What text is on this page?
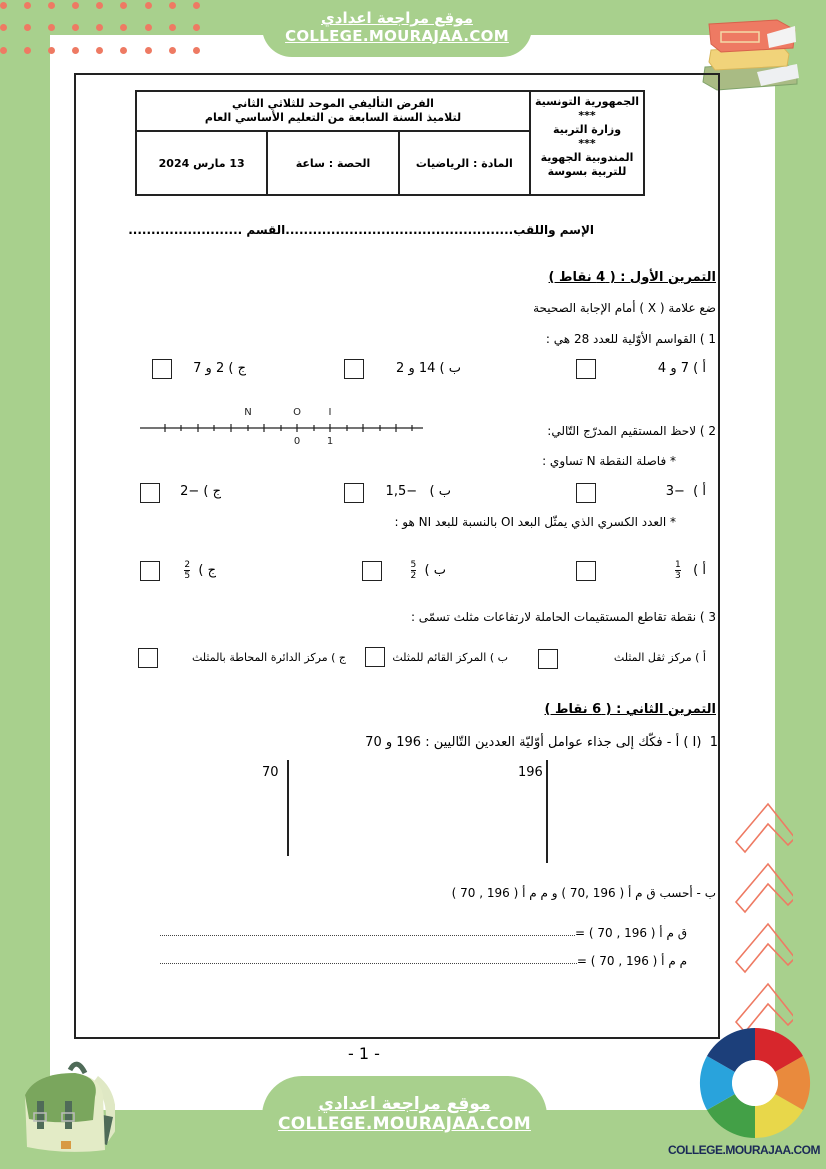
موقع مراجعة اعدادي
COLLEGE.MOURAJAA.COM
الجمهورية التونسية
***
وزارة التربية
***
المندوبية الجهوية
للتربية بسوسة
الفرض التأليفي الموحد للثلاثي الثاني
لتلاميذ السنة السابعة من التعليم الأساسي العام
المادة : الرياضيات
الحصة : ساعة
13 مارس 2024
الإسم واللقب..................................................القسم .........................
التمرين الأول : ( 4 نقاط )
ضع علامة ( X ) أمام الإجابة الصحيحة
1 ) القواسم الأوّلية للعدد 28 هي :
أ ) 7 و 4
ب ) 14 و 2
ج ) 2 و 7
2 ) لاحظ المستقيم المدرّج التّالي:
N	O	I
0	1
* فاصلة النقطة N تساوي :
أ )  −3
ب )   −1,5
ج ) −2
* العدد الكسري الذي يمثّل البعد OI بالنسبة للبعد NI هو :
أ )
$\frac{1}{3}$
ب )
$\frac{5}{2}$
ج )
$\frac{2}{5}$
3 ) نقطة تقاطع المستقيمات الحاملة لارتفاعات مثلث تسمّى :
أ ) مركز ثقل المثلث
ب ) المركز القائم للمثلث
ج ) مركز الدائرة المحاطة بالمثلث
التمرين الثاني : ( 6 نقاط )
I)  1 ) أ - فكّك إلى جذاء عوامل أوّليّة العددين التّاليين : 196 و 70
70	196
ب - أحسب ق م أ ( 196 ,70 ) و م م أ ( 196 , 70 )
ق م أ ( 196 , 70 ) =
م م أ ( 196 , 70 ) =
- 1 -
موقع مراجعة اعدادي
COLLEGE.MOURAJAA.COM
COLLEGE.MOURAJAA.COM
